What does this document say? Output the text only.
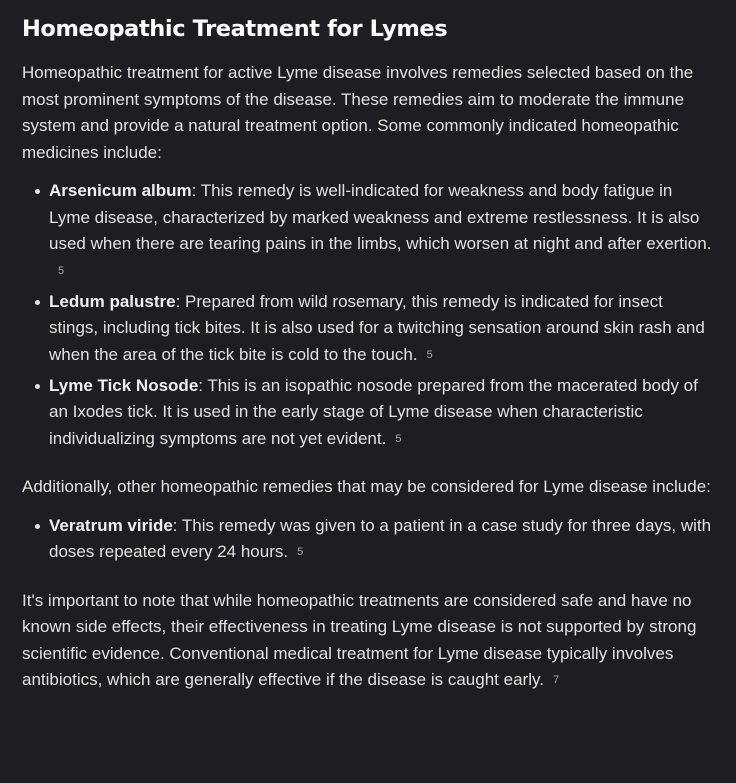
Homeopathic Treatment for Lymes

Homeopathic treatment for active Lyme disease involves remedies selected based on the most prominent symptoms of the disease. These remedies aim to moderate the immune system and provide a natural treatment option. Some commonly indicated homeopathic medicines include:

Arsenicum album: This remedy is well-indicated for weakness and body fatigue in Lyme disease, characterized by marked weakness and extreme restlessness. It is also used when there are tearing pains in the limbs, which worsen at night and after exertion.5
Ledum palustre: Prepared from wild rosemary, this remedy is indicated for insect stings, including tick bites. It is also used for a twitching sensation around skin rash and when the area of the tick bite is cold to the touch. 5
Lyme Tick Nosode: This is an isopathic nosode prepared from the macerated body of an Ixodes tick. It is used in the early stage of Lyme disease when characteristic individualizing symptoms are not yet evident. 5

Additionally, other homeopathic remedies that may be considered for Lyme disease include:

Veratrum viride: This remedy was given to a patient in a case study for three days, with doses repeated every 24 hours. 5

It's important to note that while homeopathic treatments are considered safe and have no known side effects, their effectiveness in treating Lyme disease is not supported by strong scientific evidence. Conventional medical treatment for Lyme disease typically involves antibiotics, which are generally effective if the disease is caught early. 7
